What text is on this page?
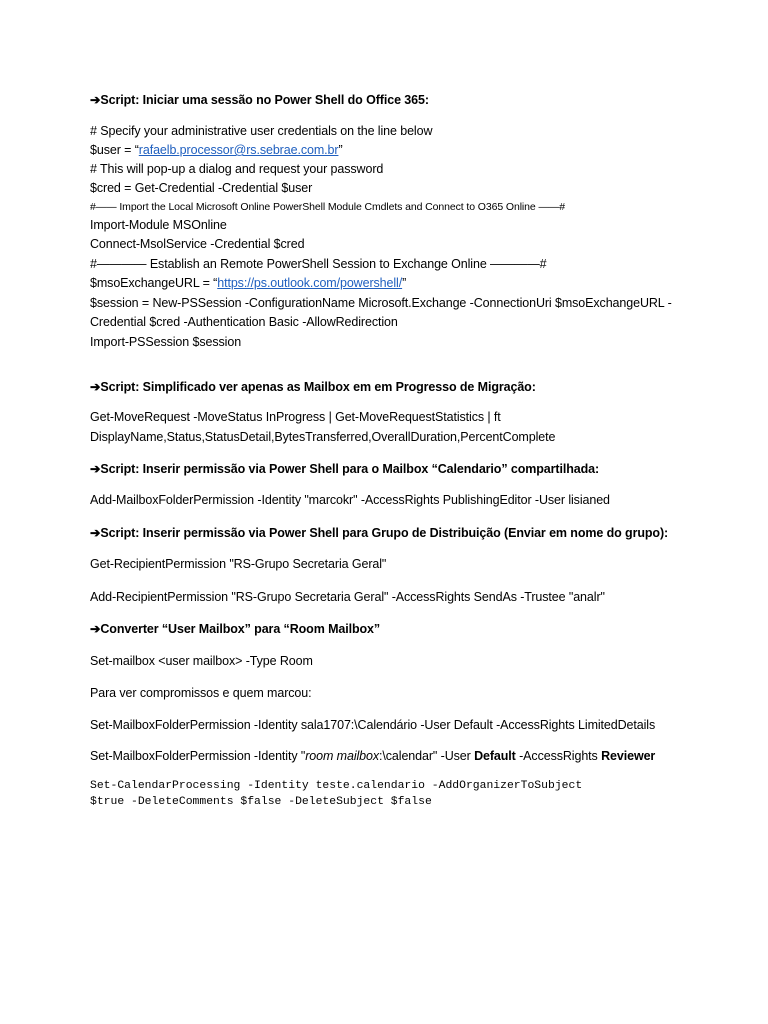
➔Script: Iniciar uma sessão no Power Shell do Office 365:
# Specify your administrative user credentials on the line below
$user = “rafaelb.processor@rs.sebrae.com.br”
# This will pop-up a dialog and request your password
$cred = Get-Credential -Credential $user
#—— Import the Local Microsoft Online PowerShell Module Cmdlets and Connect to O365 Online ——#
Import-Module MSOnline
Connect-MsolService -Credential $cred
#———— Establish an Remote PowerShell Session to Exchange Online ————#
$msoExchangeURL = “https://ps.outlook.com/powershell/”
$session = New-PSSession -ConfigurationName Microsoft.Exchange -ConnectionUri $msoExchangeURL -
Credential $cred -Authentication Basic -AllowRedirection
Import-PSSession $session
➔Script: Simplificado ver apenas as Mailbox em em Progresso de Migração:
Get-MoveRequest -MoveStatus InProgress | Get-MoveRequestStatistics | ft
DisplayName,Status,StatusDetail,BytesTransferred,OverallDuration,PercentComplete
➔Script: Inserir permissão via Power Shell para o Mailbox “Calendario” compartilhada:
Add-MailboxFolderPermission -Identity "marcokr" -AccessRights PublishingEditor -User lisianed
➔Script: Inserir permissão via Power Shell para Grupo de Distribuição (Enviar em nome do grupo):
Get-RecipientPermission "RS-Grupo Secretaria Geral"
Add-RecipientPermission "RS-Grupo Secretaria Geral" -AccessRights SendAs -Trustee "analr"
➔Converter “User Mailbox” para “Room Mailbox”
Set-mailbox <user mailbox> -Type Room
Para ver compromissos e quem marcou:
Set-MailboxFolderPermission -Identity sala1707:\Calendário -User Default -AccessRights LimitedDetails
Set-MailboxFolderPermission -Identity "room mailbox:\calendar" -User Default -AccessRights Reviewer
Set-CalendarProcessing -Identity teste.calendario -AddOrganizerToSubject
$true -DeleteComments $false -DeleteSubject $false
